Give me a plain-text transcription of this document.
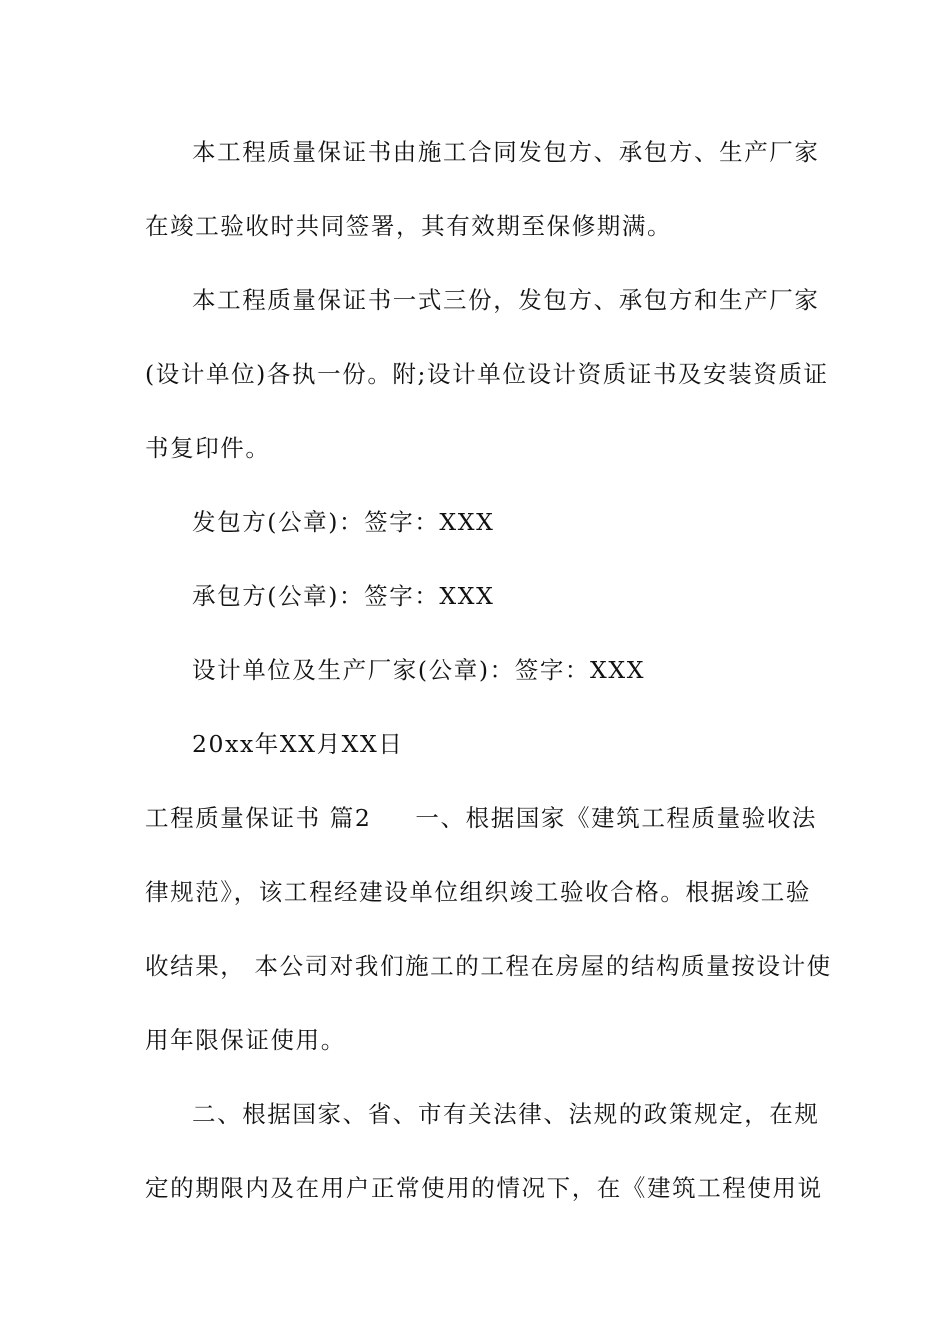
本工程质量保证书由施工合同发包方、承包方、生产厂家
在竣工验收时共同签署，其有效期至保修期满。
本工程质量保证书一式三份，发包方、承包方和生产厂家
(设计单位)各执一份。附;设计单位设计资质证书及安装资质证
书复印件。
发包方(公章)：签字：XXX
承包方(公章)：签字：XXX
设计单位及生产厂家(公章)：签字：XXX
20xx年XX月XX日
工程质量保证书 篇2 一、根据国家《建筑工程质量验收法
律规范》，该工程经建设单位组织竣工验收合格。根据竣工验
收结果， 本公司对我们施工的工程在房屋的结构质量按设计使
用年限保证使用。
二、根据国家、省、市有关法律、法规的政策规定，在规
定的期限内及在用户正常使用的情况下，在《建筑工程使用说
